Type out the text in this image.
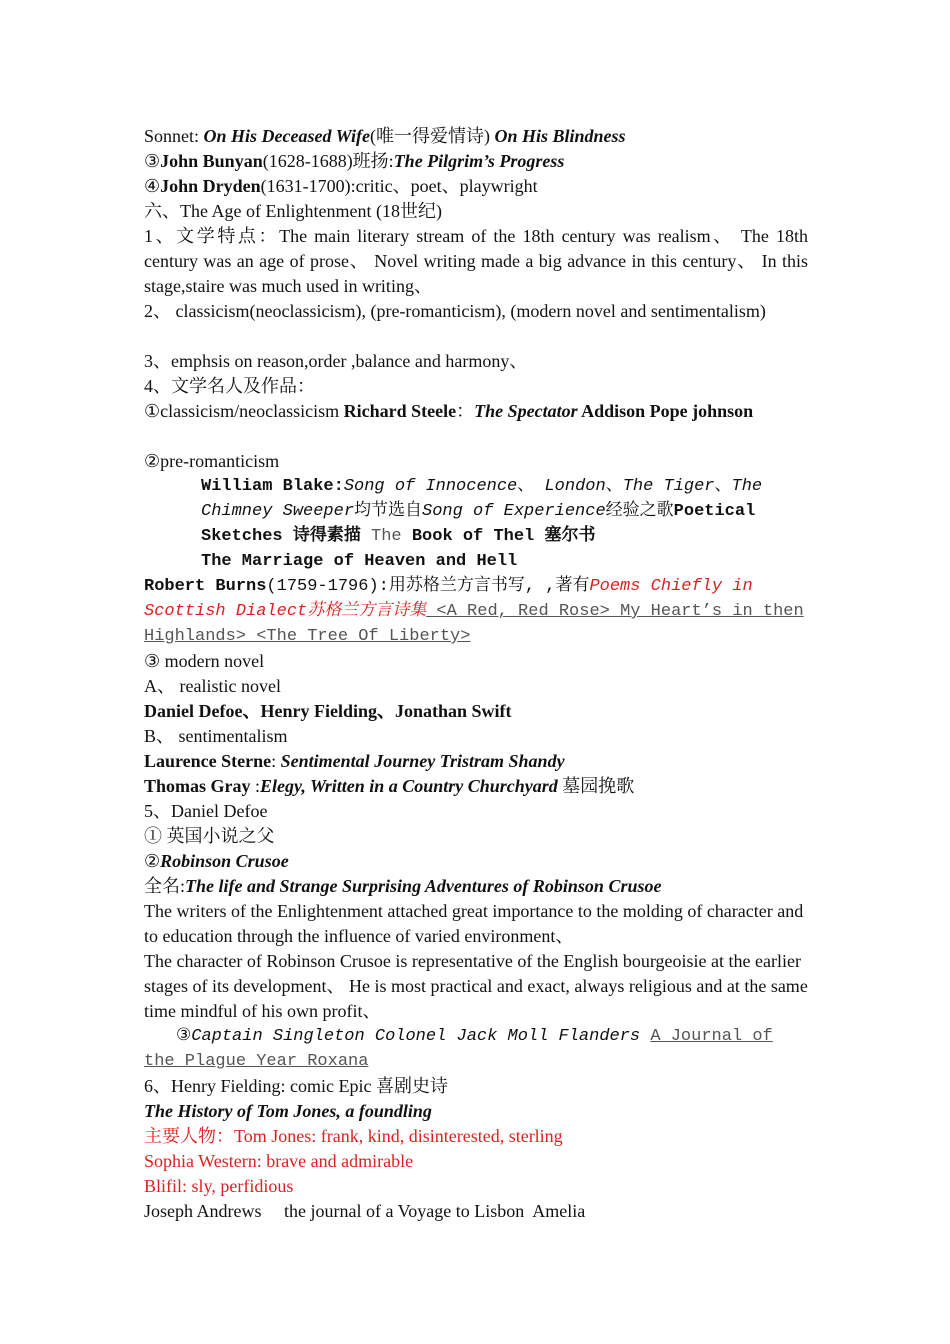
Sonnet: On His Deceased Wife(唯一得爱情诗) On His Blindness
③John Bunyan(1628-1688)班扬:The Pilgrim’s Progress
④John Dryden(1631-1700):critic、poet、playwright
六、The Age of Enlightenment (18世纪)
1、文学特点：The main literary stream of the 18th century was realism、 The 18th century was an age of prose、 Novel writing made a big advance in this century、 In this stage,staire was much used in writing、
2、 classicism(neoclassicism), (pre-romanticism), (modern novel and sentimentalism)
3、emphsis on reason,order ,balance and harmony、
4、文学名人及作品：
①classicism/neoclassicism Richard Steele：The Spectator Addison Pope johnson
②pre-romanticism
William Blake:Song of Innocence、 London、The Tiger、The Chimney Sweeper均节选自Song of Experience经验之歌Poetical Sketches 诗得素描 The Book of Thel 塞尔书
The Marriage of Heaven and Hell
Robert Burns(1759-1796):用苏格兰方言书写, ,著有Poems Chiefly in Scottish Dialect苏格兰方言诗集 <A Red, Red Rose> My Heart’s in then Highlands> <The Tree Of Liberty>
③ modern novel
A、 realistic novel
Daniel Defoe、Henry Fielding、Jonathan Swift
B、 sentimentalism
Laurence Sterne: Sentimental Journey Tristram Shandy
Thomas Gray :Elegy, Written in a Country Churchyard 墓园挽歌
5、Daniel Defoe
① 英国小说之父
②Robinson Crusoe
全名:The life and Strange Surprising Adventures of Robinson Crusoe
The writers of the Enlightenment attached great importance to the molding of character and to education through the influence of varied environment、
The character of Robinson Crusoe is representative of the English bourgeoisie at the earlier stages of its development、 He is most practical and exact, always religious and at the same time mindful of his own profit、
③Captain Singleton Colonel Jack Moll Flanders A Journal of the Plague Year Roxana
6、Henry Fielding: comic Epic 喜剧史诗
The History of Tom Jones, a foundling
主要人物：Tom Jones: frank, kind, disinterested, sterling
Sophia Western: brave and admirable
Blifil: sly, perfidious
Joseph Andrews     the journal of a Voyage to Lisbon  Amelia
